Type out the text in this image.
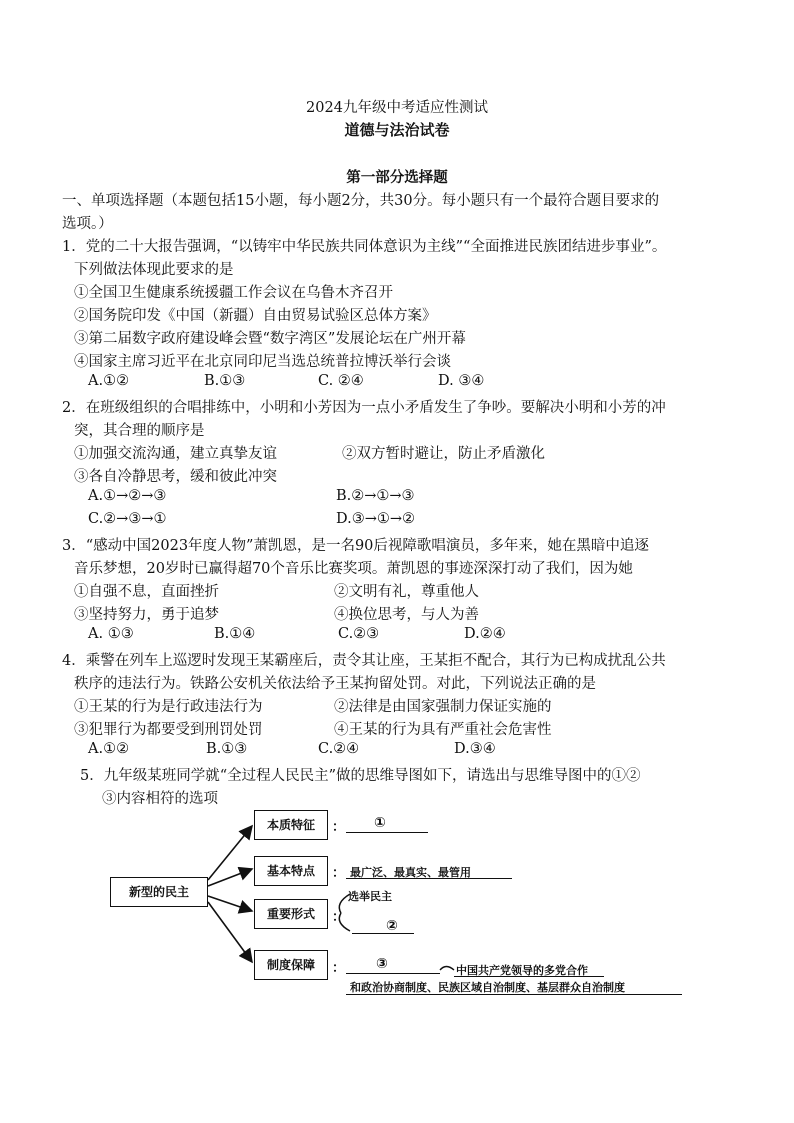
2024九年级中考适应性测试
道德与法治试卷
第一部分选择题
一、单项选择题（本题包括15小题，每小题2分，共30分。每小题只有一个最符合题目要求的
选项。）
1．党的二十大报告强调，“以铸牢中华民族共同体意识为主线”“全面推进民族团结进步事业”。
下列做法体现此要求的是
①全国卫生健康系统援疆工作会议在乌鲁木齐召开
②国务院印发《中国（新疆）自由贸易试验区总体方案》
③第二届数字政府建设峰会暨“数字湾区”发展论坛在广州开幕
④国家主席习近平在北京同印尼当选总统普拉博沃举行会谈
A.①②	B.①③	C. ②④	D. ③④
2．在班级组织的合唱排练中，小明和小芳因为一点小矛盾发生了争吵。要解决小明和小芳的冲
突，其合理的顺序是
①加强交流沟通，建立真挚友谊	②双方暂时避让，防止矛盾激化
③各自冷静思考，缓和彼此冲突
A.①→②→③	B.②→①→③
C.②→③→①	D.③→①→②
3．“感动中国2023年度人物”萧凯恩，是一名90后视障歌唱演员，多年来，她在黑暗中追逐
音乐梦想，20岁时已赢得超70个音乐比赛奖项。萧凯恩的事迹深深打动了我们，因为她
①自强不息，直面挫折	②文明有礼，尊重他人
③坚持努力，勇于追梦	④换位思考，与人为善
A. ①③	B.①④	C.②③	D.②④
4．乘警在列车上巡逻时发现王某霸座后，责令其让座，王某拒不配合，其行为已构成扰乱公共
秩序的违法行为。铁路公安机关依法给予王某拘留处罚。对此，下列说法正确的是
①王某的行为是行政违法行为	②法律是由国家强制力保证实施的
③犯罪行为都要受到刑罚处罚	④王某的行为具有严重社会危害性
A.①②	B.①③	C.②④	D.③④
5．九年级某班同学就“全过程人民民主”做的思维导图如下，请选出与思维导图中的①②
③内容相符的选项
新型的民主
本质特征
基本特点
重要形式
制度保障
： ①
： 最广泛、最真实、最管用
：
选举民主
②
： ③	中国共产党领导的多党合作
和政治协商制度、民族区域自治制度、基层群众自治制度
